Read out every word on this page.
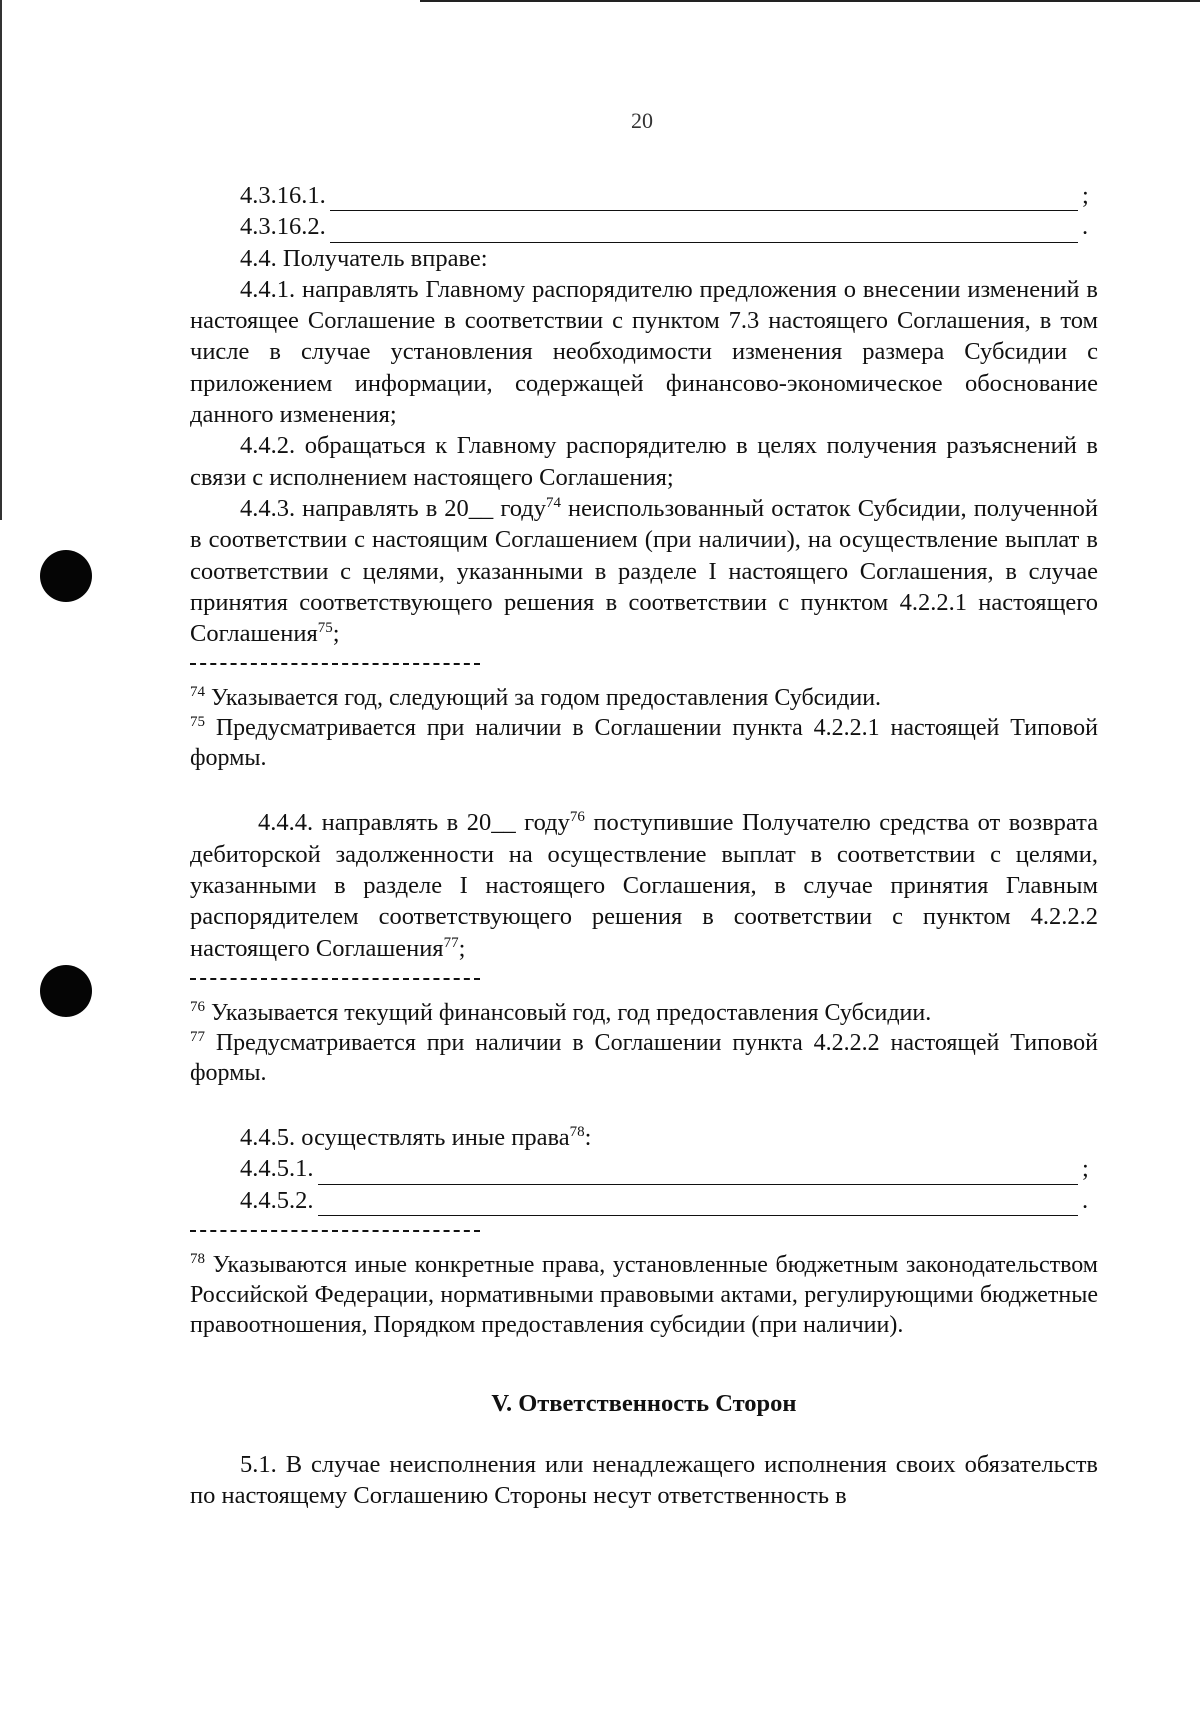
20
4.3.16.1.	;
4.3.16.2.	.

4.4. Получатель вправе:

4.4.1. направлять Главному распорядителю предложения о внесении изменений в настоящее Соглашение в соответствии с пунктом 7.3 настоящего Соглашения, в том числе в случае установления необходимости изменения размера Субсидии с приложением информации, содержащей финансово-экономическое обоснование данного изменения;

4.4.2. обращаться к Главному распорядителю в целях получения разъяснений в связи с исполнением настоящего Соглашения;

4.4.3. направлять в 20__ году$^{74}$ неиспользованный остаток Субсидии, полученной в соответствии с настоящим Соглашением (при наличии), на осуществление выплат в соответствии с целями, указанными в разделе I настоящего Соглашения, в случае принятия соответствующего решения в соответствии с пунктом 4.2.2.1 настоящего Соглашения$^{75}$;

$^{74}$ Указывается год, следующий за годом предоставления Субсидии.

$^{75}$ Предусматривается при наличии в Соглашении пункта 4.2.2.1 настоящей Типовой формы.

4.4.4. направлять в 20__ году$^{76}$ поступившие Получателю средства от возврата дебиторской задолженности на осуществление выплат в соответствии с целями, указанными в разделе I настоящего Соглашения, в случае принятия Главным распорядителем соответствующего решения в соответствии с пунктом 4.2.2.2 настоящего Соглашения$^{77}$;

$^{76}$ Указывается текущий финансовый год, год предоставления Субсидии.

$^{77}$ Предусматривается при наличии в Соглашении пункта 4.2.2.2 настоящей Типовой формы.

4.4.5. осуществлять иные права$^{78}$:

4.4.5.1.	;
4.4.5.2.	.

$^{78}$ Указываются иные конкретные права, установленные бюджетным законодательством Российской Федерации, нормативными правовыми актами, регулирующими бюджетные правоотношения, Порядком предоставления субсидии (при наличии).

V. Ответственность Сторон

5.1. В случае неисполнения или ненадлежащего исполнения своих обязательств по настоящему Соглашению Стороны несут ответственность в
